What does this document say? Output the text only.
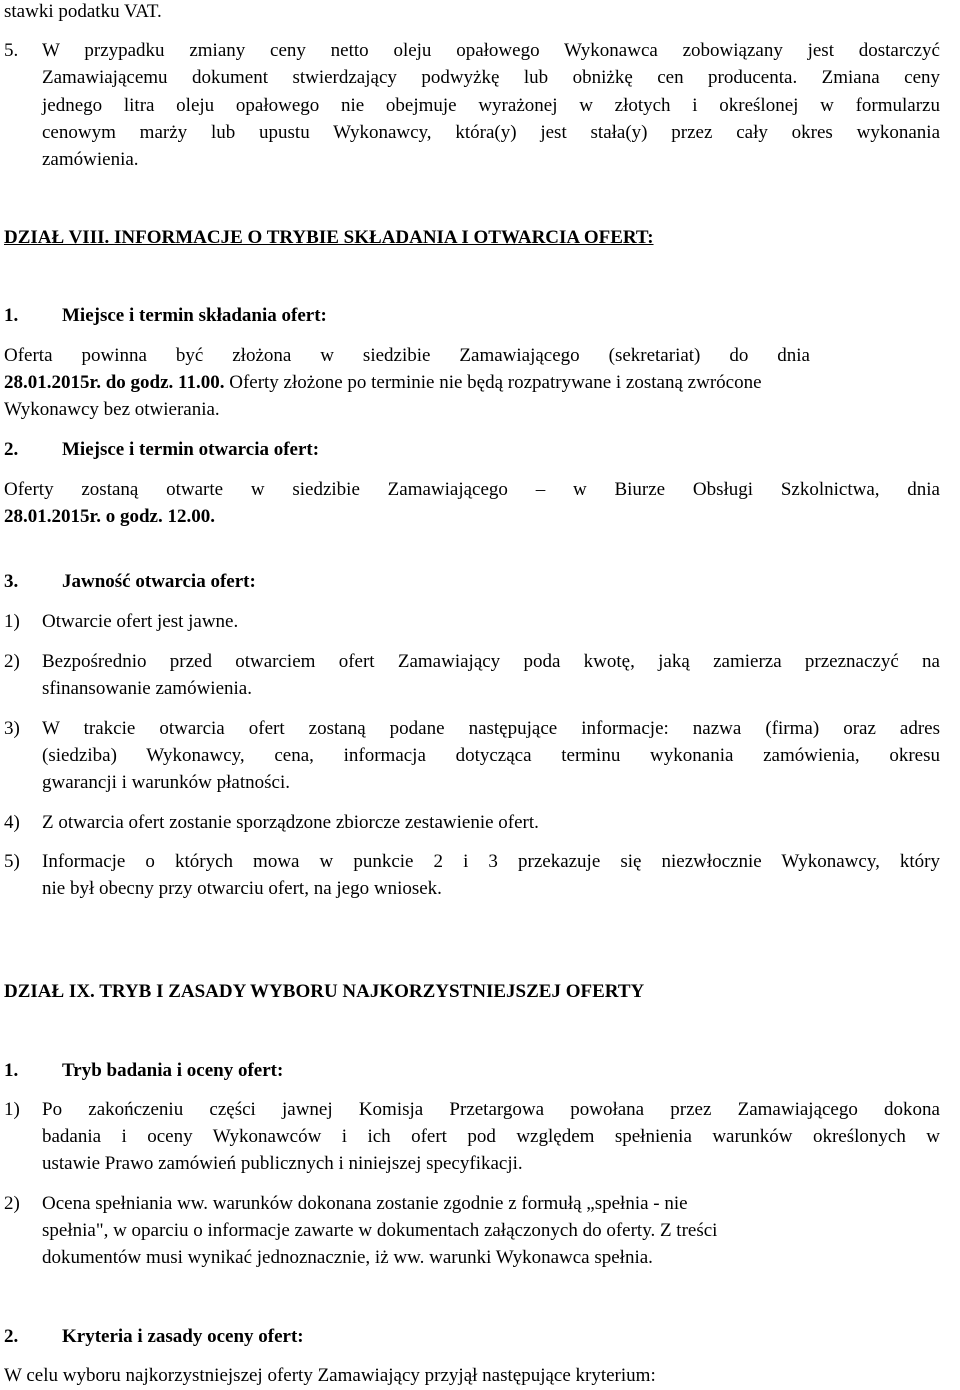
stawki podatku VAT.

5. W przypadku zmiany ceny netto oleju opałowego Wykonawca zobowiązany jest dostarczyć

Zamawiającemu dokument stwierdzający podwyżkę lub obniżkę cen producenta. Zmiana ceny

jednego litra oleju opałowego nie obejmuje wyrażonej w złotych i określonej w formularzu

cenowym marży lub upustu Wykonawcy, która(y) jest stała(y) przez cały okres wykonania

zamówienia.

DZIAŁ VIII. INFORMACJE O TRYBIE SKŁADANIA I OTWARCIA OFERT:

1. Miejsce i termin składania ofert:

Oferta powinna być złożona w siedzibie Zamawiającego (sekretariat) do dnia

28.01.2015r. do godz. 11.00. Oferty złożone po terminie nie będą rozpatrywane i zostaną zwrócone

Wykonawcy bez otwierania.

2. Miejsce i termin otwarcia ofert:

Oferty zostaną otwarte w siedzibie Zamawiającego – w Biurze Obsługi Szkolnictwa, dnia

28.01.2015r. o godz. 12.00.

3. Jawność otwarcia ofert:

1) Otwarcie ofert jest jawne.

2) Bezpośrednio przed otwarciem ofert Zamawiający poda kwotę, jaką zamierza przeznaczyć na

sfinansowanie zamówienia.

3) W trakcie otwarcia ofert zostaną podane następujące informacje: nazwa (firma) oraz adres

(siedziba) Wykonawcy, cena, informacja dotycząca terminu wykonania zamówienia, okresu

gwarancji i warunków płatności.

4) Z otwarcia ofert zostanie sporządzone zbiorcze zestawienie ofert.

5) Informacje o których mowa w punkcie 2 i 3 przekazuje się niezwłocznie Wykonawcy, który

nie był obecny przy otwarciu ofert, na jego wniosek.

DZIAŁ IX. TRYB I ZASADY WYBORU NAJKORZYSTNIEJSZEJ OFERTY

1. Tryb badania i oceny ofert:

1) Po zakończeniu części jawnej Komisja Przetargowa powołana przez Zamawiającego dokona

badania i oceny Wykonawców i ich ofert pod względem spełnienia warunków określonych w

ustawie Prawo zamówień publicznych i niniejszej specyfikacji.

2) Ocena spełniania ww. warunków dokonana zostanie zgodnie z formułą „spełnia - nie

spełnia", w oparciu o informacje zawarte w dokumentach załączonych do oferty. Z treści

dokumentów musi wynikać jednoznacznie, iż ww. warunki Wykonawca spełnia.

2. Kryteria i zasady oceny ofert:

W celu wyboru najkorzystniejszej oferty Zamawiający przyjął następujące kryterium:
